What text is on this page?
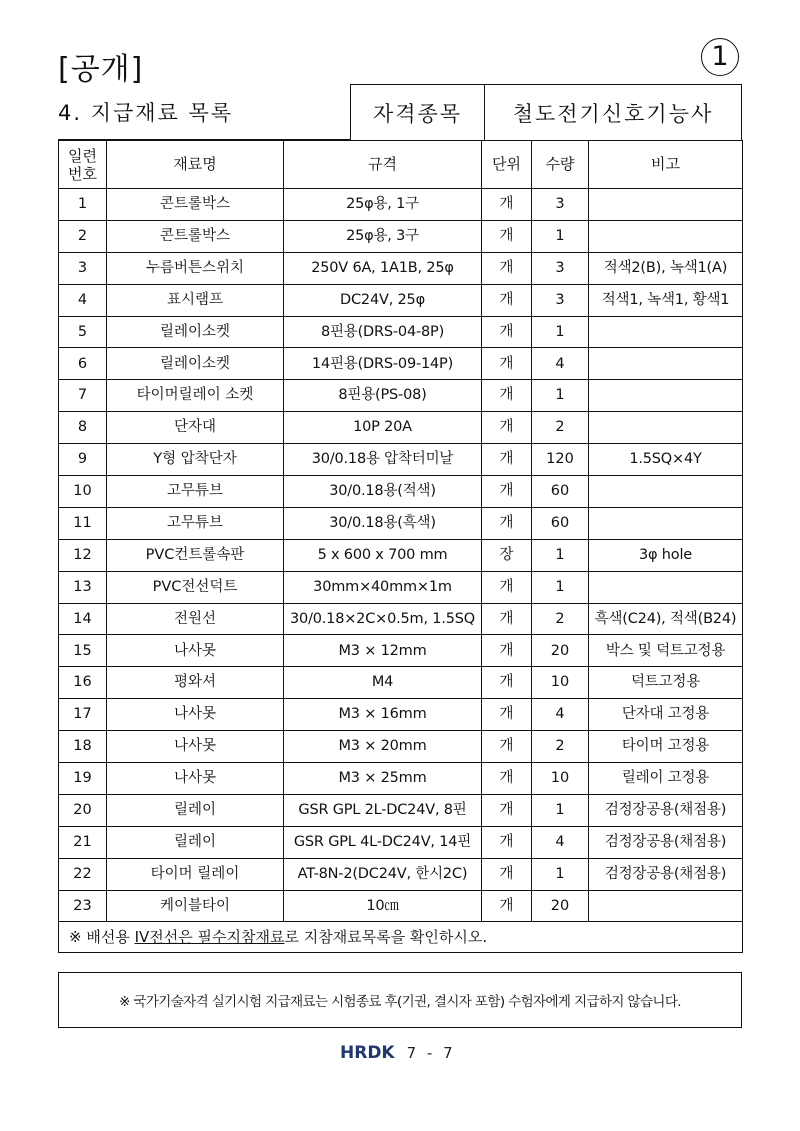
[공개]	1
4. 지급재료 목록	자격종목	철도전기신호기능사
일련
번호	재료명	규격	단위	수량	비고
1	콘트롤박스	25φ용, 1구	개	3	
2	콘트롤박스	25φ용, 3구	개	1	
3	누름버튼스위치	250V 6A, 1A1B, 25φ	개	3	적색2(B), 녹색1(A)
4	표시램프	DC24V, 25φ	개	3	적색1, 녹색1, 황색1
5	릴레이소켓	8핀용(DRS-04-8P)	개	1	
6	릴레이소켓	14핀용(DRS-09-14P)	개	4	
7	타이머릴레이 소켓	8핀용(PS-08)	개	1	
8	단자대	10P 20A	개	2	
9	Y형 압착단자	30/0.18용 압착터미날	개	120	1.5SQ×4Y
10	고무튜브	30/0.18용(적색)	개	60	
11	고무튜브	30/0.18용(흑색)	개	60	
12	PVC컨트롤속판	5 x 600 x 700 mm	장	1	3φ hole
13	PVC전선덕트	30mm×40mm×1m	개	1	
14	전원선	30/0.18×2C×0.5m, 1.5SQ	개	2	흑색(C24), 적색(B24)
15	나사못	M3 × 12mm	개	20	박스 및 덕트고정용
16	평와셔	M4	개	10	덕트고정용
17	나사못	M3 × 16mm	개	4	단자대 고정용
18	나사못	M3 × 20mm	개	2	타이머 고정용
19	나사못	M3 × 25mm	개	10	릴레이 고정용
20	릴레이	GSR GPL 2L-DC24V, 8핀	개	1	검정장공용(채점용)
21	릴레이	GSR GPL 4L-DC24V, 14핀	개	4	검정장공용(채점용)
22	타이머 릴레이	AT-8N-2(DC24V, 한시2C)	개	1	검정장공용(채점용)
23	케이블타이	10㎝	개	20	
※ 배선용 IV전선은 필수지참재료로 지참재료목록을 확인하시오.					
※ 국가기술자격 실기시험 지급재료는 시험종료 후(기권, 결시자 포함) 수험자에게 지급하지 않습니다.
HRDK 7 - 7
